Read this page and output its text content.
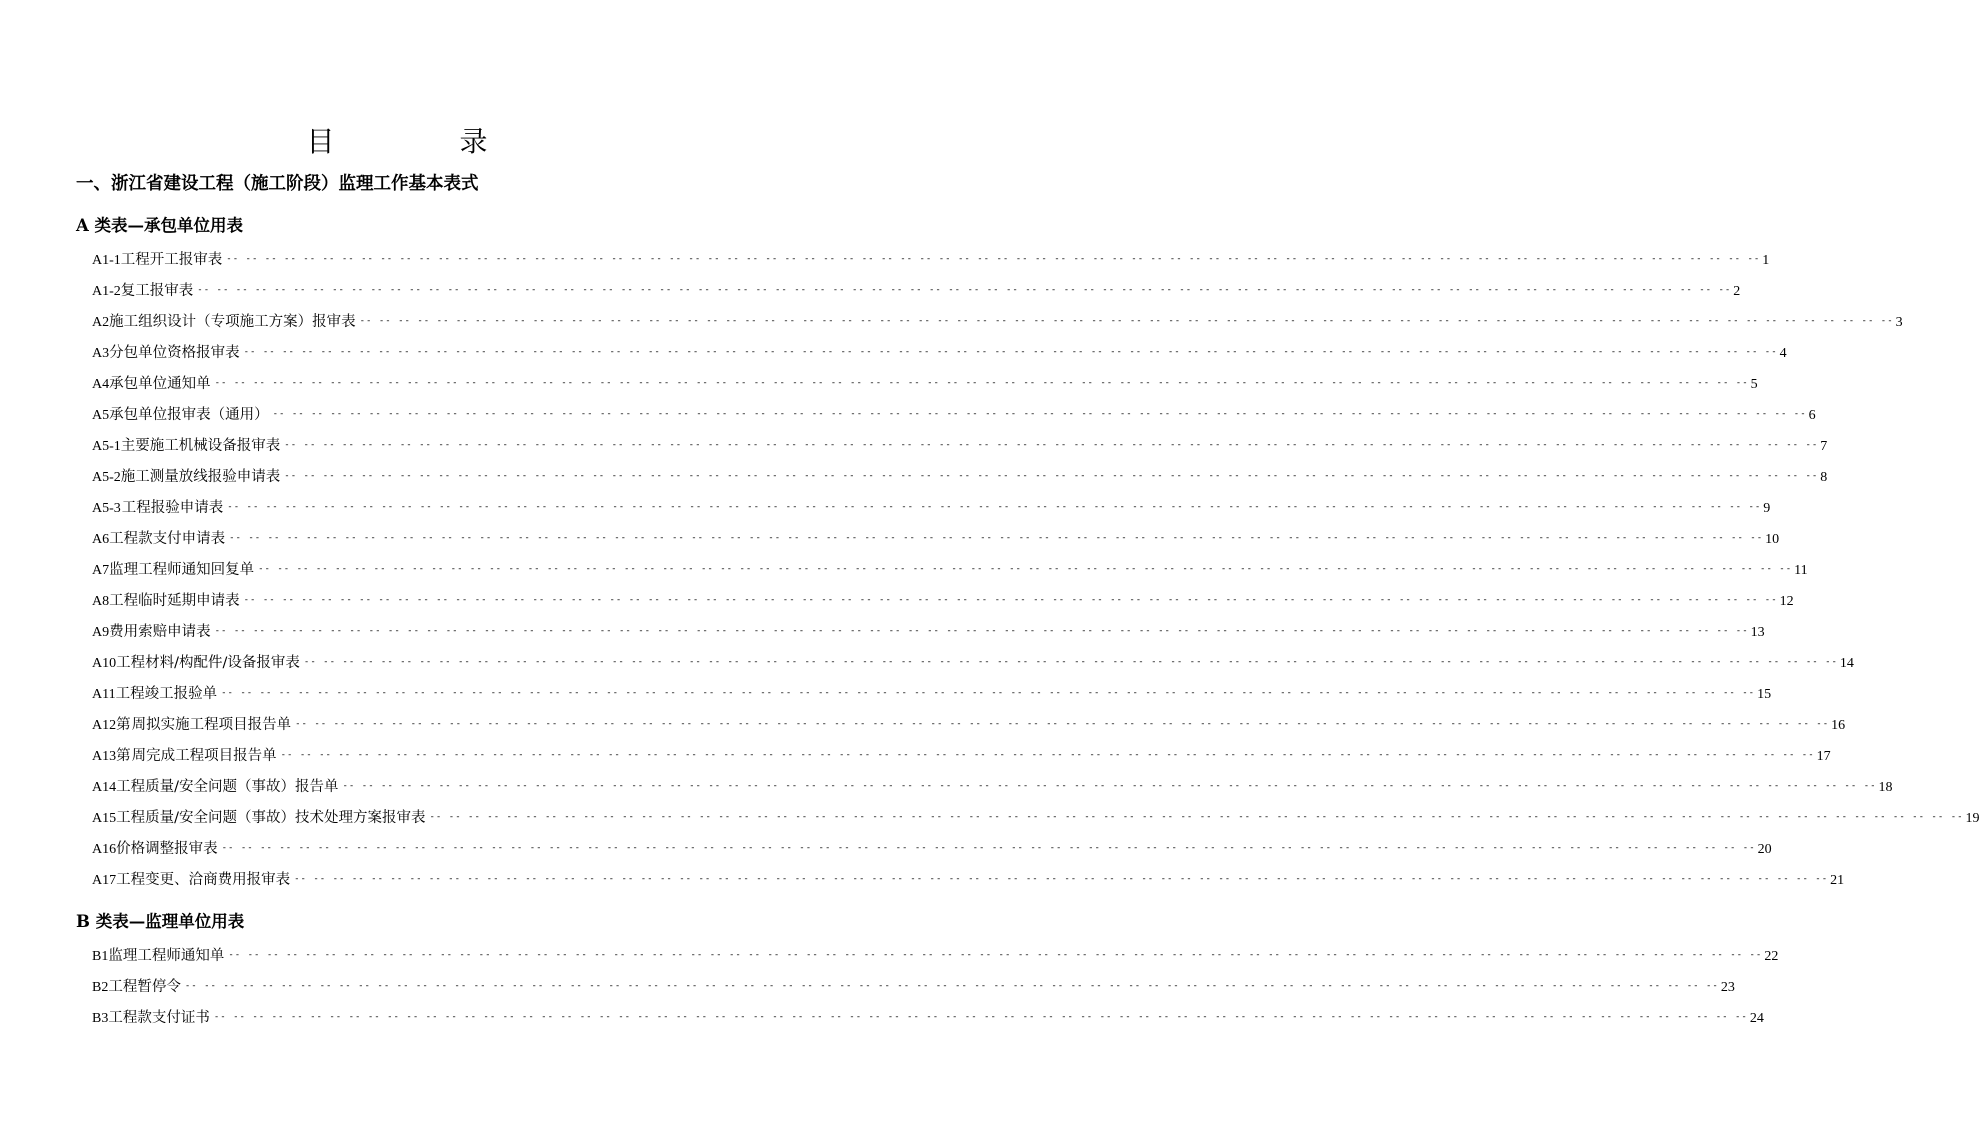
目 录
一、浙江省建设工程（施工阶段）监理工作基本表式
A 类表—承包单位用表
B 类表—监理单位用表
A1-1 工程开工报审表 -- -- -- -- -- -- -- -- -- -- -- -- -- -- -- -- -- -- -- -- -- -- -- -- -- -- -- -- -- -- -- -- -- -- -- -- -- -- -- -- -- -- -- -- -- -- -- -- -- -- -- -- -- -- -- -- -- -- -- -- -- -- -- -- -- -- -- -- -- -- -- -- -- -- -- -- -- -- -- -- 1
A1-2 复工报审表 -- -- -- -- -- -- -- -- -- -- -- -- -- -- -- -- -- -- -- -- -- -- -- -- -- -- -- -- -- -- -- -- -- -- -- -- -- -- -- -- -- -- -- -- -- -- -- -- -- -- -- -- -- -- -- -- -- -- -- -- -- -- -- -- -- -- -- -- -- -- -- -- -- -- -- -- -- -- -- -- 2
A2 施工组织设计（专项施工方案）报审表 -- -- -- -- -- -- -- -- -- -- -- -- -- -- -- -- -- -- -- -- -- -- -- -- -- -- -- -- -- -- -- -- -- -- -- -- -- -- -- -- -- -- -- -- -- -- -- -- -- -- -- -- -- -- -- -- -- -- -- -- -- -- -- -- -- -- -- -- -- -- -- -- -- -- -- -- -- -- -- -- 3
A3 分包单位资格报审表 -- -- -- -- -- -- -- -- -- -- -- -- -- -- -- -- -- -- -- -- -- -- -- -- -- -- -- -- -- -- -- -- -- -- -- -- -- -- -- -- -- -- -- -- -- -- -- -- -- -- -- -- -- -- -- -- -- -- -- -- -- -- -- -- -- -- -- -- -- -- -- -- -- -- -- -- -- -- -- -- 4
A4 承包单位通知单 -- -- -- -- -- -- -- -- -- -- -- -- -- -- -- -- -- -- -- -- -- -- -- -- -- -- -- -- -- -- -- -- -- -- -- -- -- -- -- -- -- -- -- -- -- -- -- -- -- -- -- -- -- -- -- -- -- -- -- -- -- -- -- -- -- -- -- -- -- -- -- -- -- -- -- -- -- -- -- -- 5
A5 承包单位报审表（通用） -- -- -- -- -- -- -- -- -- -- -- -- -- -- -- -- -- -- -- -- -- -- -- -- -- -- -- -- -- -- -- -- -- -- -- -- -- -- -- -- -- -- -- -- -- -- -- -- -- -- -- -- -- -- -- -- -- -- -- -- -- -- -- -- -- -- -- -- -- -- -- -- -- -- -- -- -- -- -- -- 6
A5-1 主要施工机械设备报审表 -- -- -- -- -- -- -- -- -- -- -- -- -- -- -- -- -- -- -- -- -- -- -- -- -- -- -- -- -- -- -- -- -- -- -- -- -- -- -- -- -- -- -- -- -- -- -- -- -- -- -- -- -- -- -- -- -- -- -- -- -- -- -- -- -- -- -- -- -- -- -- -- -- -- -- -- -- -- -- -- 7
A5-2 施工测量放线报验申请表 -- -- -- -- -- -- -- -- -- -- -- -- -- -- -- -- -- -- -- -- -- -- -- -- -- -- -- -- -- -- -- -- -- -- -- -- -- -- -- -- -- -- -- -- -- -- -- -- -- -- -- -- -- -- -- -- -- -- -- -- -- -- -- -- -- -- -- -- -- -- -- -- -- -- -- -- -- -- -- -- 8
A5-3 工程报验申请表 -- -- -- -- -- -- -- -- -- -- -- -- -- -- -- -- -- -- -- -- -- -- -- -- -- -- -- -- -- -- -- -- -- -- -- -- -- -- -- -- -- -- -- -- -- -- -- -- -- -- -- -- -- -- -- -- -- -- -- -- -- -- -- -- -- -- -- -- -- -- -- -- -- -- -- -- -- -- -- -- 9
A6 工程款支付申请表 -- -- -- -- -- -- -- -- -- -- -- -- -- -- -- -- -- -- -- -- -- -- -- -- -- -- -- -- -- -- -- -- -- -- -- -- -- -- -- -- -- -- -- -- -- -- -- -- -- -- -- -- -- -- -- -- -- -- -- -- -- -- -- -- -- -- -- -- -- -- -- -- -- -- -- -- -- -- -- -- 10
A7 监理工程师通知回复单 -- -- -- -- -- -- -- -- -- -- -- -- -- -- -- -- -- -- -- -- -- -- -- -- -- -- -- -- -- -- -- -- -- -- -- -- -- -- -- -- -- -- -- -- -- -- -- -- -- -- -- -- -- -- -- -- -- -- -- -- -- -- -- -- -- -- -- -- -- -- -- -- -- -- -- -- -- -- -- -- 11
A8 工程临时延期申请表 -- -- -- -- -- -- -- -- -- -- -- -- -- -- -- -- -- -- -- -- -- -- -- -- -- -- -- -- -- -- -- -- -- -- -- -- -- -- -- -- -- -- -- -- -- -- -- -- -- -- -- -- -- -- -- -- -- -- -- -- -- -- -- -- -- -- -- -- -- -- -- -- -- -- -- -- -- -- -- -- 12
A9 费用索赔申请表 -- -- -- -- -- -- -- -- -- -- -- -- -- -- -- -- -- -- -- -- -- -- -- -- -- -- -- -- -- -- -- -- -- -- -- -- -- -- -- -- -- -- -- -- -- -- -- -- -- -- -- -- -- -- -- -- -- -- -- -- -- -- -- -- -- -- -- -- -- -- -- -- -- -- -- -- -- -- -- -- 13
A10 工程材料/构配件/设备报审表 -- -- -- -- -- -- -- -- -- -- -- -- -- -- -- -- -- -- -- -- -- -- -- -- -- -- -- -- -- -- -- -- -- -- -- -- -- -- -- -- -- -- -- -- -- -- -- -- -- -- -- -- -- -- -- -- -- -- -- -- -- -- -- -- -- -- -- -- -- -- -- -- -- -- -- -- -- -- -- -- 14
A11 工程竣工报验单 -- -- -- -- -- -- -- -- -- -- -- -- -- -- -- -- -- -- -- -- -- -- -- -- -- -- -- -- -- -- -- -- -- -- -- -- -- -- -- -- -- -- -- -- -- -- -- -- -- -- -- -- -- -- -- -- -- -- -- -- -- -- -- -- -- -- -- -- -- -- -- -- -- -- -- -- -- -- -- -- 15
A12 第 周拟实施工程项目报告单 -- -- -- -- -- -- -- -- -- -- -- -- -- -- -- -- -- -- -- -- -- -- -- -- -- -- -- -- -- -- -- -- -- -- -- -- -- -- -- -- -- -- -- -- -- -- -- -- -- -- -- -- -- -- -- -- -- -- -- -- -- -- -- -- -- -- -- -- -- -- -- -- -- -- -- -- -- -- -- -- 16
A13 第 周完成工程项目报告单 -- -- -- -- -- -- -- -- -- -- -- -- -- -- -- -- -- -- -- -- -- -- -- -- -- -- -- -- -- -- -- -- -- -- -- -- -- -- -- -- -- -- -- -- -- -- -- -- -- -- -- -- -- -- -- -- -- -- -- -- -- -- -- -- -- -- -- -- -- -- -- -- -- -- -- -- -- -- -- -- 17
A14 工程质量/安全问题（事故）报告单 -- -- -- -- -- -- -- -- -- -- -- -- -- -- -- -- -- -- -- -- -- -- -- -- -- -- -- -- -- -- -- -- -- -- -- -- -- -- -- -- -- -- -- -- -- -- -- -- -- -- -- -- -- -- -- -- -- -- -- -- -- -- -- -- -- -- -- -- -- -- -- -- -- -- -- -- -- -- -- -- 18
A15 工程质量/安全问题（事故）技术处理方案报审表 -- -- -- -- -- -- -- -- -- -- -- -- -- -- -- -- -- -- -- -- -- -- -- -- -- -- -- -- -- -- -- -- -- -- -- -- -- -- -- -- -- -- -- -- -- -- -- -- -- -- -- -- -- -- -- -- -- -- -- -- -- -- -- -- -- -- -- -- -- -- -- -- -- -- -- -- -- -- -- -- 19
A16 价格调整报审表 -- -- -- -- -- -- -- -- -- -- -- -- -- -- -- -- -- -- -- -- -- -- -- -- -- -- -- -- -- -- -- -- -- -- -- -- -- -- -- -- -- -- -- -- -- -- -- -- -- -- -- -- -- -- -- -- -- -- -- -- -- -- -- -- -- -- -- -- -- -- -- -- -- -- -- -- -- -- -- -- 20
A17 工程变更、洽商费用报审表 -- -- -- -- -- -- -- -- -- -- -- -- -- -- -- -- -- -- -- -- -- -- -- -- -- -- -- -- -- -- -- -- -- -- -- -- -- -- -- -- -- -- -- -- -- -- -- -- -- -- -- -- -- -- -- -- -- -- -- -- -- -- -- -- -- -- -- -- -- -- -- -- -- -- -- -- -- -- -- -- 21
B1 监理工程师通知单 -- -- -- -- -- -- -- -- -- -- -- -- -- -- -- -- -- -- -- -- -- -- -- -- -- -- -- -- -- -- -- -- -- -- -- -- -- -- -- -- -- -- -- -- -- -- -- -- -- -- -- -- -- -- -- -- -- -- -- -- -- -- -- -- -- -- -- -- -- -- -- -- -- -- -- -- -- -- -- -- 22
B2 工程暂停令 -- -- -- -- -- -- -- -- -- -- -- -- -- -- -- -- -- -- -- -- -- -- -- -- -- -- -- -- -- -- -- -- -- -- -- -- -- -- -- -- -- -- -- -- -- -- -- -- -- -- -- -- -- -- -- -- -- -- -- -- -- -- -- -- -- -- -- -- -- -- -- -- -- -- -- -- -- -- -- -- 23
B3 工程款支付证书 -- -- -- -- -- -- -- -- -- -- -- -- -- -- -- -- -- -- -- -- -- -- -- -- -- -- -- -- -- -- -- -- -- -- -- -- -- -- -- -- -- -- -- -- -- -- -- -- -- -- -- -- -- -- -- -- -- -- -- -- -- -- -- -- -- -- -- -- -- -- -- -- -- -- -- -- -- -- -- -- 24
